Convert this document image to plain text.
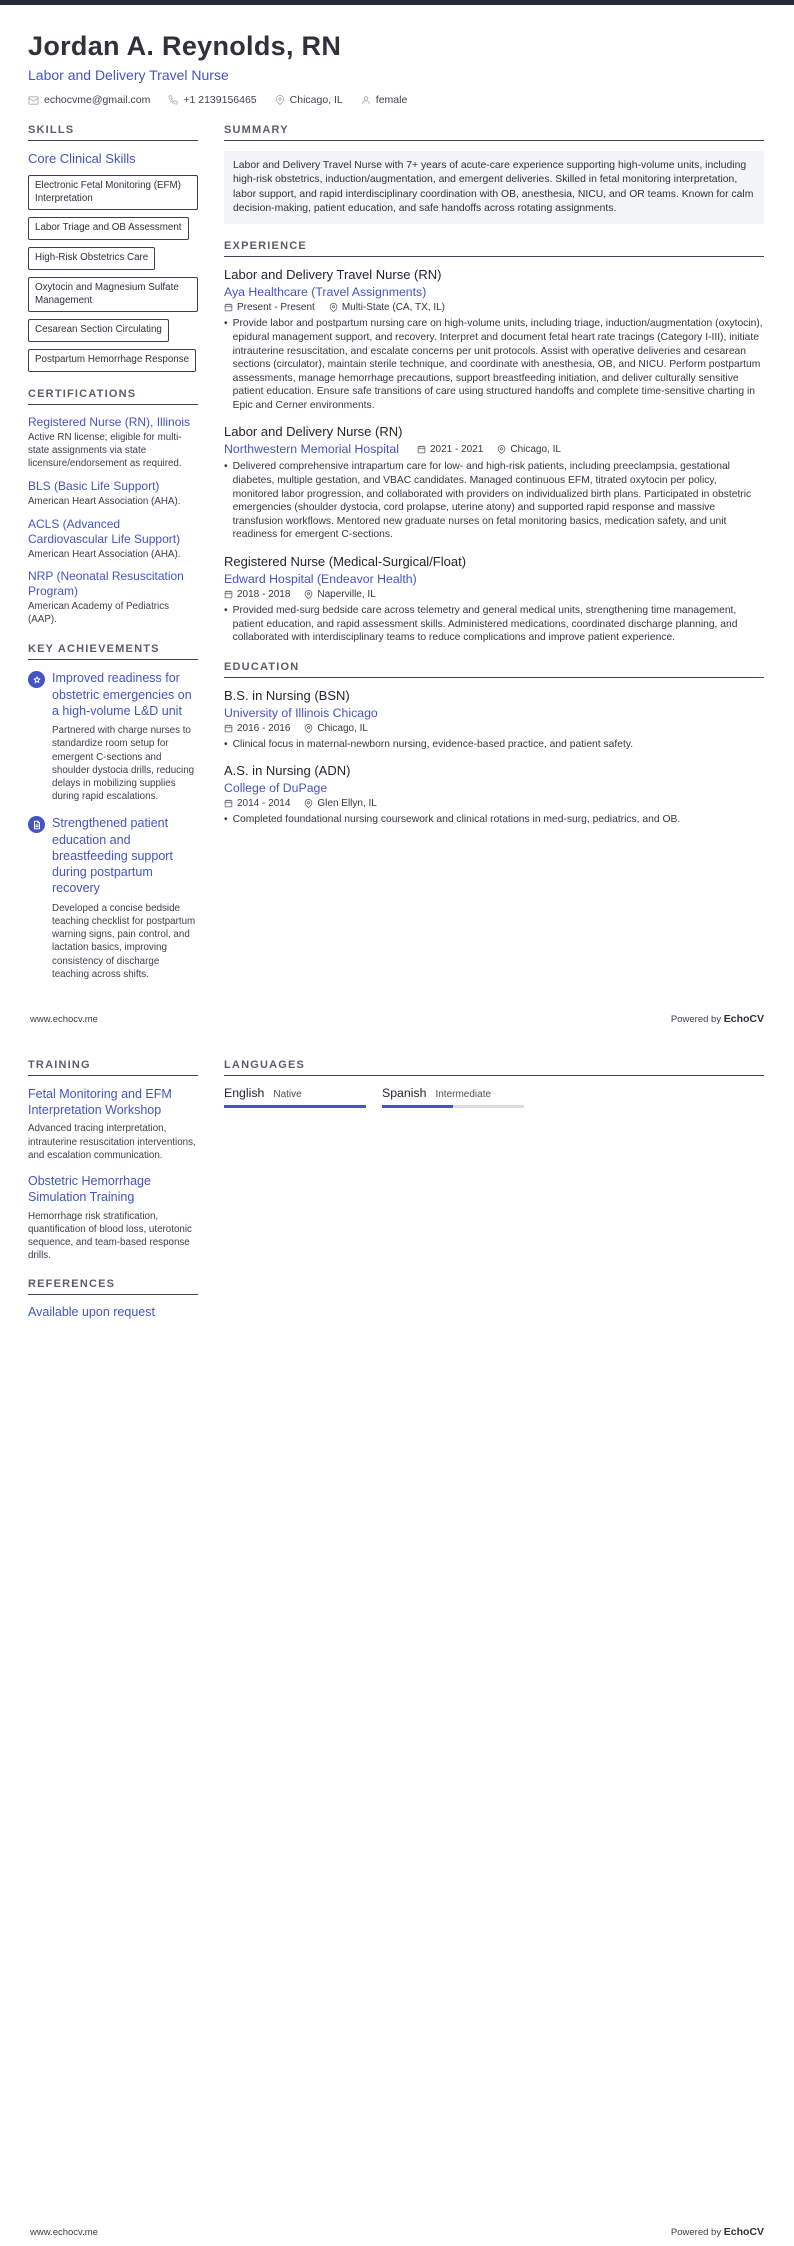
Jordan A. Reynolds, RN
Labor and Delivery Travel Nurse
echocvme@gmail.com	+1 2139156465	Chicago, IL	female
SKILLS
Core Clinical Skills
Electronic Fetal Monitoring (EFM) Interpretation
Labor Triage and OB Assessment
High-Risk Obstetrics Care
Oxytocin and Magnesium Sulfate Management
Cesarean Section Circulating
Postpartum Hemorrhage Response
CERTIFICATIONS
Registered Nurse (RN), Illinois
Active RN license; eligible for multi-state assignments via state licensure/endorsement as required.
BLS (Basic Life Support)
American Heart Association (AHA).
ACLS (Advanced Cardiovascular Life Support)
American Heart Association (AHA).
NRP (Neonatal Resuscitation Program)
American Academy of Pediatrics (AAP).
KEY ACHIEVEMENTS
Improved readiness for obstetric emergencies on a high-volume L&D unit
Partnered with charge nurses to standardize room setup for emergent C-sections and shoulder dystocia drills, reducing delays in mobilizing supplies during rapid escalations.
Strengthened patient education and breastfeeding support during postpartum recovery
Developed a concise bedside teaching checklist for postpartum warning signs, pain control, and lactation basics, improving consistency of discharge teaching across shifts.
SUMMARY

Labor and Delivery Travel Nurse with 7+ years of acute-care experience supporting high-volume units, including high-risk obstetrics, induction/augmentation, and emergent deliveries. Skilled in fetal monitoring interpretation, labor support, and rapid interdisciplinary coordination with OB, anesthesia, NICU, and OR teams. Known for calm decision-making, patient education, and safe handoffs across rotating assignments.

EXPERIENCE
Labor and Delivery Travel Nurse (RN)
Aya Healthcare (Travel Assignments)
Present - Present	Multi-State (CA, TX, IL)
• Provide labor and postpartum nursing care on high-volume units, including triage, induction/augmentation (oxytocin), epidural management support, and recovery. Interpret and document fetal heart rate tracings (Category I-III), initiate intrauterine resuscitation, and escalate concerns per unit protocols. Assist with operative deliveries and cesarean sections (circulator), maintain sterile technique, and coordinate with anesthesia, OB, and NICU. Perform postpartum assessments, manage hemorrhage precautions, support breastfeeding initiation, and deliver culturally sensitive patient education. Ensure safe transitions of care using structured handoffs and complete time-sensitive charting in Epic and Cerner environments.
Labor and Delivery Nurse (RN)
Northwestern Memorial Hospital	2021 - 2021	Chicago, IL
• Delivered comprehensive intrapartum care for low- and high-risk patients, including preeclampsia, gestational diabetes, multiple gestation, and VBAC candidates. Managed continuous EFM, titrated oxytocin per policy, monitored labor progression, and collaborated with providers on individualized birth plans. Participated in obstetric emergencies (shoulder dystocia, cord prolapse, uterine atony) and supported rapid response and massive transfusion workflows. Mentored new graduate nurses on fetal monitoring basics, medication safety, and unit readiness for emergent C-sections.
Registered Nurse (Medical-Surgical/Float)
Edward Hospital (Endeavor Health)
2018 - 2018	Naperville, IL
• Provided med-surg bedside care across telemetry and general medical units, strengthening time management, patient education, and rapid assessment skills. Administered medications, coordinated discharge planning, and collaborated with interdisciplinary teams to reduce complications and improve patient experience.
EDUCATION
B.S. in Nursing (BSN)
University of Illinois Chicago
2016 - 2016	Chicago, IL
• Clinical focus in maternal-newborn nursing, evidence-based practice, and patient safety.
A.S. in Nursing (ADN)
College of DuPage
2014 - 2014	Glen Ellyn, IL
• Completed foundational nursing coursework and clinical rotations in med-surg, pediatrics, and OB.
www.echocv.me	Powered by EchoCV
TRAINING
Fetal Monitoring and EFM Interpretation Workshop
Advanced tracing interpretation, intrauterine resuscitation interventions, and escalation communication.
Obstetric Hemorrhage Simulation Training
Hemorrhage risk stratification, quantification of blood loss, uterotonic sequence, and team-based response drills.
REFERENCES
Available upon request
LANGUAGES
English Native	Spanish Intermediate
www.echocv.me	Powered by EchoCV
